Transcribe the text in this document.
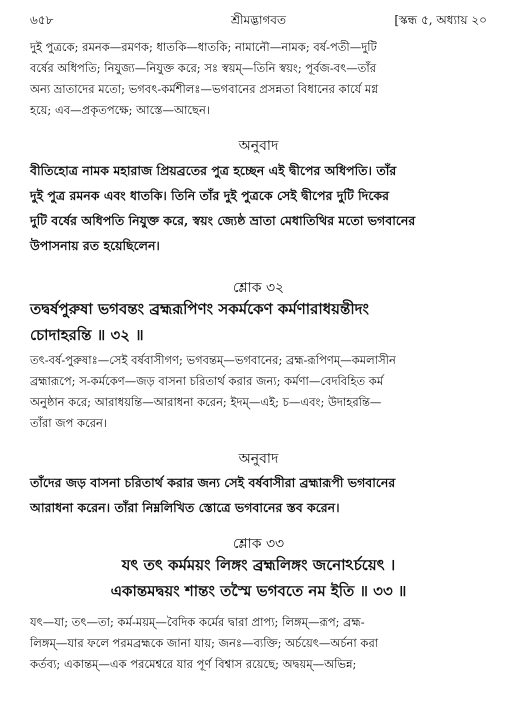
৬৫৮	শ্রীমদ্ভাগবত	[স্কন্ধ ৫, অধ্যায় ২০
দুই পুত্রকে; রমনক—রমণক; ধাতকি—ধাতকি; নামানৌ—নামক; বর্ষ-পতী—দুটি
বর্ষের অধিপতি; নিযুজ্য—নিযুক্ত করে; সঃ স্বয়ম্—তিনি স্বয়ং; পূর্বজ-বৎ—তাঁর
অন্য ভ্রাতাদের মতো; ভগবৎ-কর্মশীলঃ—ভগবানের প্রসন্নতা বিধানের কার্যে মগ্ন
হয়ে; এব—প্রকৃতপক্ষে; আস্তে—আছেন।
অনুবাদ
বীতিহোত্র নামক মহারাজ প্রিয়ব্রতের পুত্র হচ্ছেন এই দ্বীপের অধিপতি। তাঁর
দুই পুত্র রমনক এবং ধাতকি। তিনি তাঁর দুই পুত্রকে সেই দ্বীপের দুটি দিকের
দুটি বর্ষের অধিপতি নিযুক্ত করে, স্বয়ং জ্যেষ্ঠ ভ্রাতা মেধাতিথির মতো ভগবানের
উপাসনায় রত হয়েছিলেন।
শ্লোক ৩২
তদ্বর্ষপুরুষা ভগবন্তং ব্রহ্মরূপিণং সকর্মকেণ কর্মণারাধয়ন্তীদং
চোদাহরন্তি ॥ ৩২ ॥
তৎ-বর্ষ-পুরুষাঃ—সেই বর্ষবাসীগণ; ভগবন্তম্—ভগবানের; ব্রহ্ম-রূপিণম্—কমলাসীন
ব্রহ্মারূপে; স-কর্মকেণ—জড় বাসনা চরিতার্থ করার জন্য; কর্মণা—বেদবিহিত কর্ম
অনুষ্ঠান করে; আরাধয়ন্তি—আরাধনা করেন; ইদম্—এই; চ—এবং; উদাহরন্তি—
তাঁরা জপ করেন।
অনুবাদ
তাঁদের জড় বাসনা চরিতার্থ করার জন্য সেই বর্ষবাসীরা ব্রহ্মারূপী ভগবানের
আরাধনা করেন। তাঁরা নিম্নলিখিত স্তোত্রে ভগবানের স্তব করেন।
শ্লোক ৩৩
যৎ তৎ কর্মময়ং লিঙ্গং ব্রহ্মলিঙ্গং জনোঽর্চয়েৎ ।
একান্তমদ্বয়ং শান্তং তস্মৈ ভগবতে নম ইতি ॥ ৩৩ ॥
যৎ—যা; তৎ—তা; কর্ম-ময়ম্—বৈদিক কর্মের দ্বারা প্রাপ্য; লিঙ্গম্—রূপ; ব্রহ্ম-
লিঙ্গম্—যার ফলে পরমব্রহ্মকে জানা যায়; জনঃ—ব্যক্তি; অর্চয়েৎ—অর্চনা করা
কর্তব্য; একান্তম্—এক পরমেশ্বরে যার পূর্ণ বিশ্বাস রয়েছে; অদ্বয়ম্—অভিন্ন;
